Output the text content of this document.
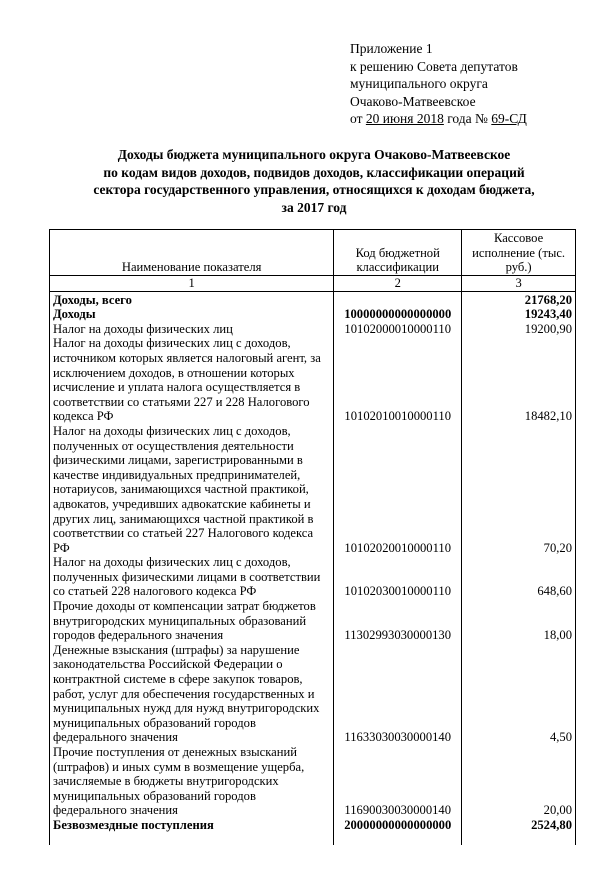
Приложение 1
к решению Совета депутатов
муниципального округа
Очаково-Матвеевское
от 20 июня 2018 года № 69-СД
Доходы бюджета муниципального округа Очаково-Матвеевское
по кодам видов доходов, подвидов доходов, классификации операций
сектора государственного управления, относящихся к доходам бюджета,
за 2017 год
Наименование показателя	Код бюджетной классификации	Кассовое исполнение (тыс. руб.)
1	2	3
Доходы, всего		21768,20
Доходы	10000000000000000	19243,40
Налог на доходы физических лиц	10102000010000110	19200,90
Налог на доходы физических лиц с доходов, источником которых является налоговый агент, за исключением доходов, в отношении которых исчисление и уплата налога осуществляется в соответствии со статьями 227 и 228 Налогового кодекса РФ	10102010010000110	18482,10
Налог на доходы физических лиц с доходов, полученных от осуществления деятельности физическими лицами, зарегистрированными в качестве индивидуальных предпринимателей, нотариусов, занимающихся частной практикой, адвокатов, учредивших адвокатские кабинеты и других лиц, занимающихся частной практикой в соответствии со статьей 227 Налогового кодекса РФ	10102020010000110	70,20
Налог на доходы физических лиц с доходов, полученных физическими лицами в соответствии со статьей 228 налогового кодекса РФ	10102030010000110	648,60
Прочие доходы от компенсации затрат бюджетов внутригородских муниципальных образований городов федерального значения	11302993030000130	18,00
Денежные взыскания (штрафы) за нарушение законодательства Российской Федерации о контрактной системе в сфере закупок товаров, работ, услуг для обеспечения государственных и муниципальных нужд для нужд внутригородских муниципальных образований городов федерального значения	11633030030000140	4,50
Прочие поступления от денежных взысканий (штрафов) и иных сумм в возмещение ущерба, зачисляемые в бюджеты внутригородских муниципальных образований городов федерального значения	11690030030000140	20,00
Безвозмездные поступления	20000000000000000	2524,80
